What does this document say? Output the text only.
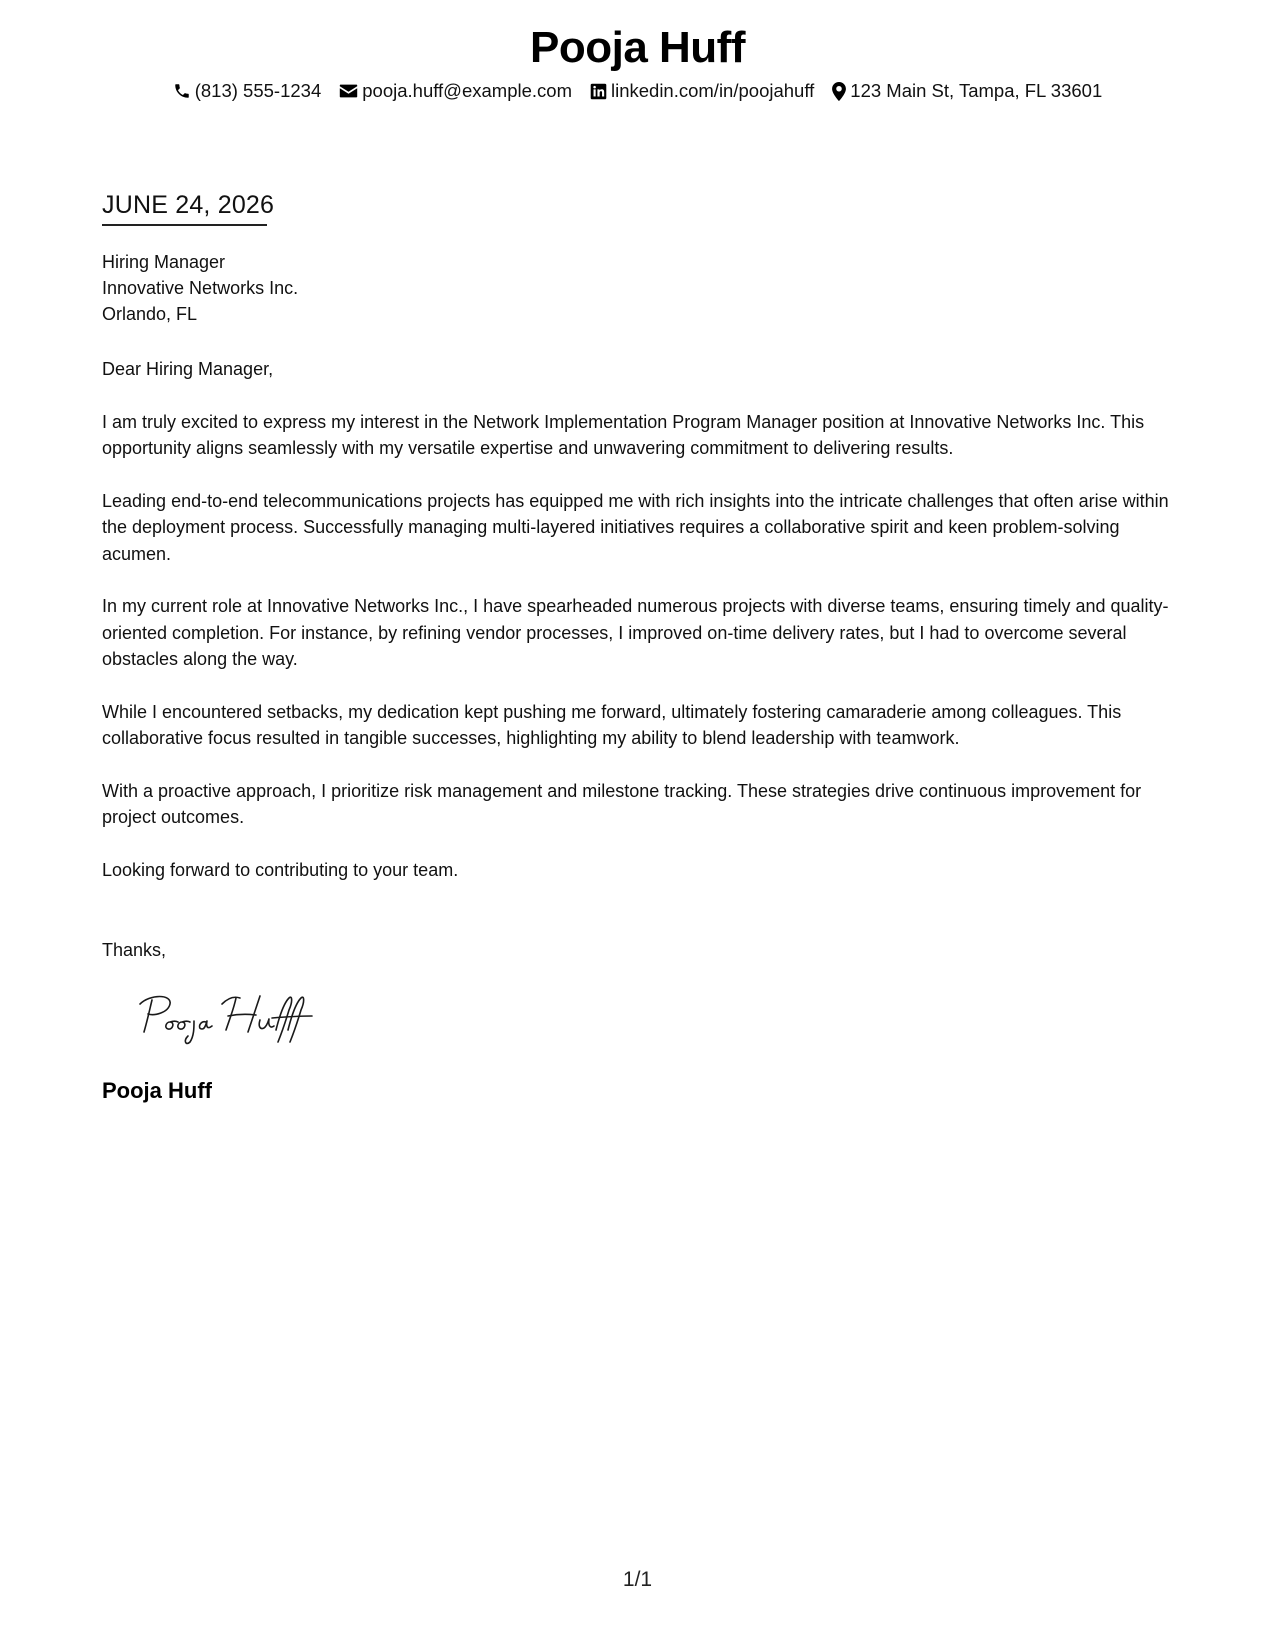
Pooja Huff
(813) 555-1234 pooja.huff@example.com linkedin.com/in/poojahuff 123 Main St, Tampa, FL 33601
JUNE 24, 2026
Hiring Manager
Innovative Networks Inc.
Orlando, FL

Dear Hiring Manager,

I am truly excited to express my interest in the Network Implementation Program Manager position at Innovative Networks Inc. This opportunity aligns seamlessly with my versatile expertise and unwavering commitment to delivering results.

Leading end-to-end telecommunications projects has equipped me with rich insights into the intricate challenges that often arise within the deployment process. Successfully managing multi-layered initiatives requires a collaborative spirit and keen problem-solving acumen.

In my current role at Innovative Networks Inc., I have spearheaded numerous projects with diverse teams, ensuring timely and quality-oriented completion. For instance, by refining vendor processes, I improved on-time delivery rates, but I had to overcome several obstacles along the way.

While I encountered setbacks, my dedication kept pushing me forward, ultimately fostering camaraderie among colleagues. This collaborative focus resulted in tangible successes, highlighting my ability to blend leadership with teamwork.

With a proactive approach, I prioritize risk management and milestone tracking. These strategies drive continuous improvement for project outcomes.

Looking forward to contributing to your team.

Thanks,
Pooja Huff
1/1
